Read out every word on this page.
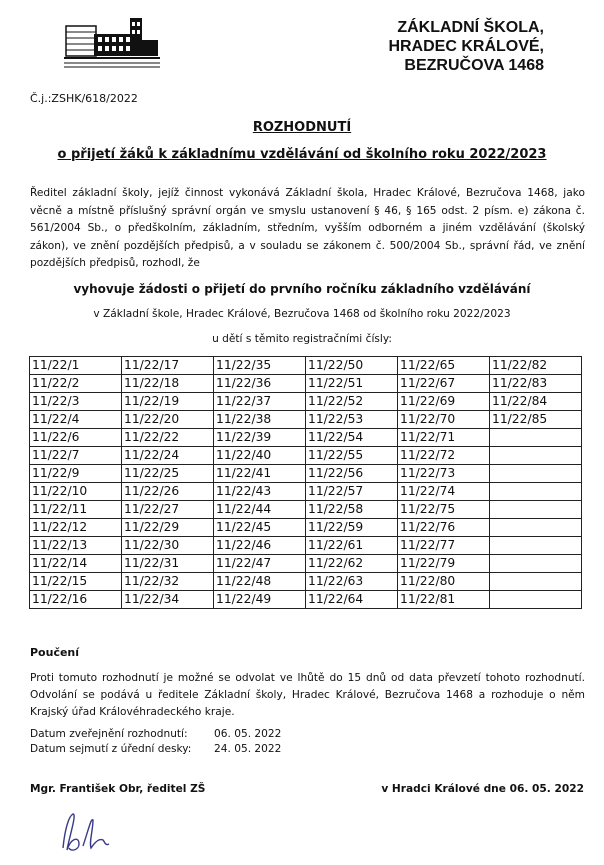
ZÁKLADNÍ ŠKOLA,
HRADEC KRÁLOVÉ,
BEZRUČOVA 1468
Č.j.:ZSHK/618/2022
ROZHODNUTÍ
o přijetí žáků k základnímu vzdělávání od školního roku 2022/2023
Ředitel základní školy, jejíž činnost vykonává Základní škola, Hradec Králové, Bezručova 1468, jako věcně a místně příslušný správní orgán ve smyslu ustanovení § 46, § 165 odst. 2 písm. e) zákona č. 561/2004 Sb., o předškolním, základním, středním, vyšším odborném a jiném vzdělávání (školský zákon), ve znění pozdějších předpisů, a v souladu se zákonem č. 500/2004 Sb., správní řád, ve znění pozdějších předpisů, rozhodl, že
vyhovuje žádosti o přijetí do prvního ročníku základního vzdělávání
v Základní škole, Hradec Králové, Bezručova 1468 od školního roku 2022/2023
u dětí s těmito registračními čísly:
11/22/1	11/22/17	11/22/35	11/22/50	11/22/65	11/22/82
11/22/2	11/22/18	11/22/36	11/22/51	11/22/67	11/22/83
11/22/3	11/22/19	11/22/37	11/22/52	11/22/69	11/22/84
11/22/4	11/22/20	11/22/38	11/22/53	11/22/70	11/22/85
11/22/6	11/22/22	11/22/39	11/22/54	11/22/71	
11/22/7	11/22/24	11/22/40	11/22/55	11/22/72	
11/22/9	11/22/25	11/22/41	11/22/56	11/22/73	
11/22/10	11/22/26	11/22/43	11/22/57	11/22/74	
11/22/11	11/22/27	11/22/44	11/22/58	11/22/75	
11/22/12	11/22/29	11/22/45	11/22/59	11/22/76	
11/22/13	11/22/30	11/22/46	11/22/61	11/22/77	
11/22/14	11/22/31	11/22/47	11/22/62	11/22/79	
11/22/15	11/22/32	11/22/48	11/22/63	11/22/80	
11/22/16	11/22/34	11/22/49	11/22/64	11/22/81	
Poučení
Proti tomuto rozhodnutí je možné se odvolat ve lhůtě do 15 dnů od data převzetí tohoto rozhodnutí. Odvolání se podává u ředitele Základní školy, Hradec Králové, Bezručova 1468 a rozhoduje o něm Krajský úřad Královéhradeckého kraje.
Datum zveřejnění rozhodnutí: 06. 05. 2022
Datum sejmutí z úřední desky: 24. 05. 2022
Mgr. František Obr, ředitel ZŠ	v Hradci Králové dne 06. 05. 2022
